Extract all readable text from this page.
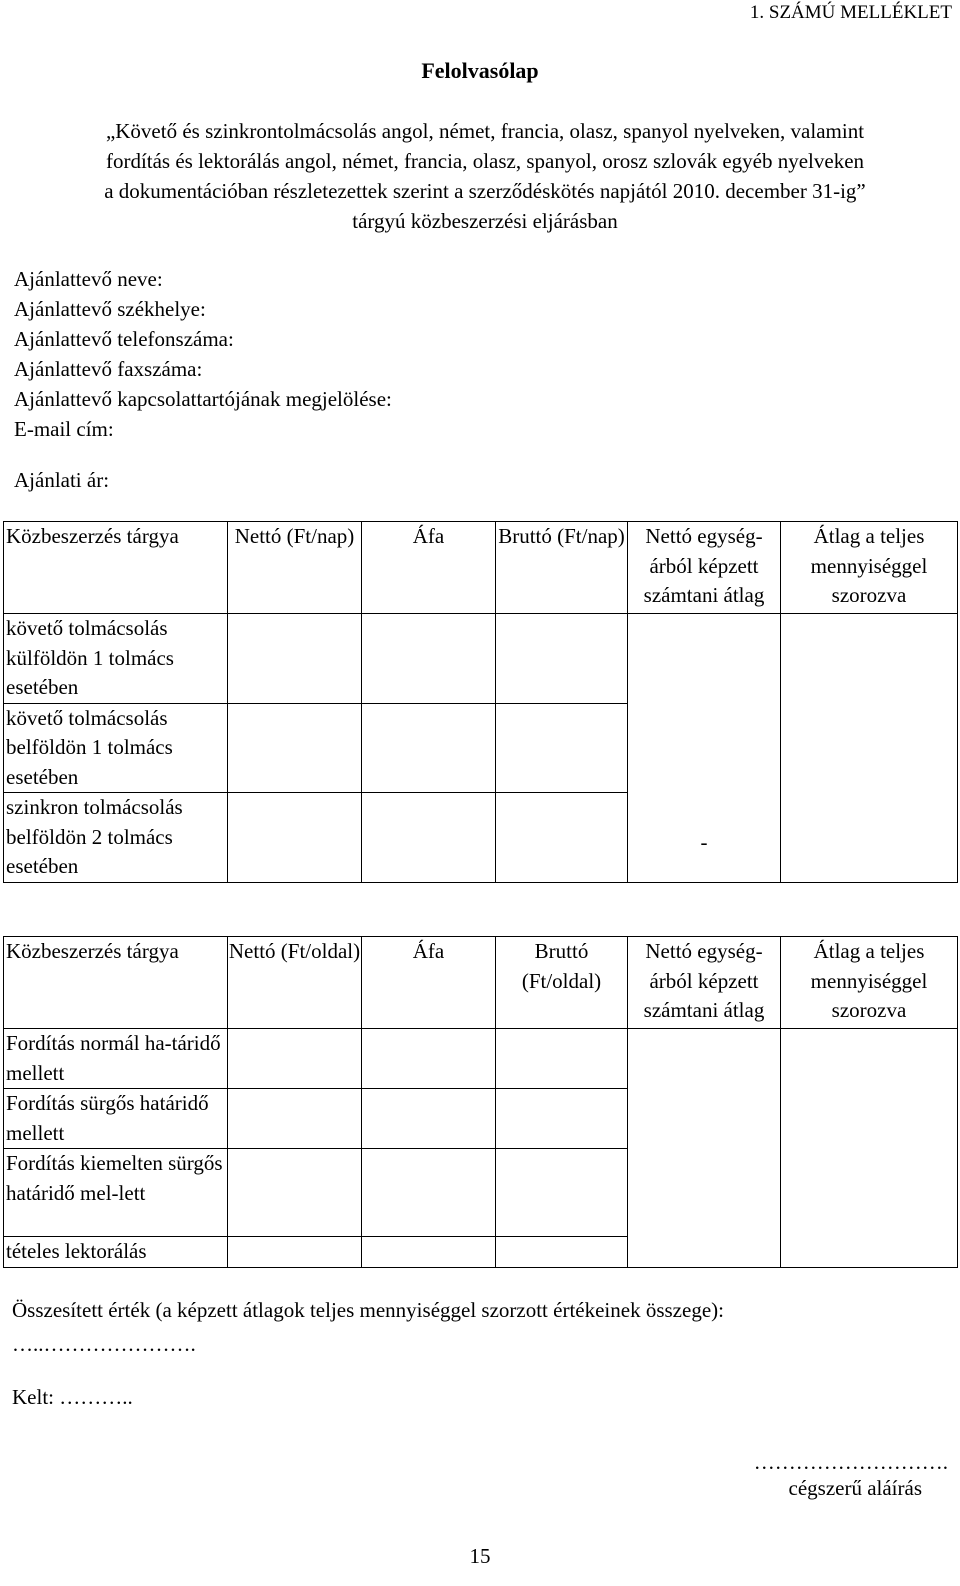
1. SZÁMÚ MELLÉKLET
Felolvasólap
„Követő és szinkrontolmácsolás angol, német, francia, olasz, spanyol nyelveken, valamint
fordítás és lektorálás angol, német, francia, olasz, spanyol, orosz szlovák egyéb nyelveken
a dokumentációban részletezettek szerint a szerződéskötés napjától 2010. december 31-ig”
tárgyú közbeszerzési eljárásban
Ajánlattevő neve:
Ajánlattevő székhelye:
Ajánlattevő telefonszáma:
Ajánlattevő faxszáma:
Ajánlattevő kapcsolattartójának megjelölése:
E-mail cím:
Ajánlati ár:
Közbeszerzés tárgya	Nettó (Ft/nap)	Áfa	Bruttó (Ft/nap)	Nettó egység-árból képzett számtani átlag	Átlag a teljes mennyiséggel szorozva
követő tolmácsolás külföldön 1 tolmács esetében				-	
követő tolmácsolás belföldön 1 tolmács esetében					
szinkron tolmácsolás belföldön 2 tolmács esetében					
Közbeszerzés tárgya	Nettó (Ft/oldal)	Áfa	Bruttó (Ft/oldal)	Nettó egység-árból képzett számtani átlag	Átlag a teljes mennyiséggel szorozva
Fordítás normál ha-táridő mellett					
Fordítás sürgős határidő mellett					
Fordítás kiemelten sürgős határidő mel-lett					
tételes lektorálás					
Összesített érték (a képzett átlagok teljes mennyiséggel szorzott értékeinek összege):
…..………………….
Kelt: ………..
……………………….
cégszerű aláírás
15
